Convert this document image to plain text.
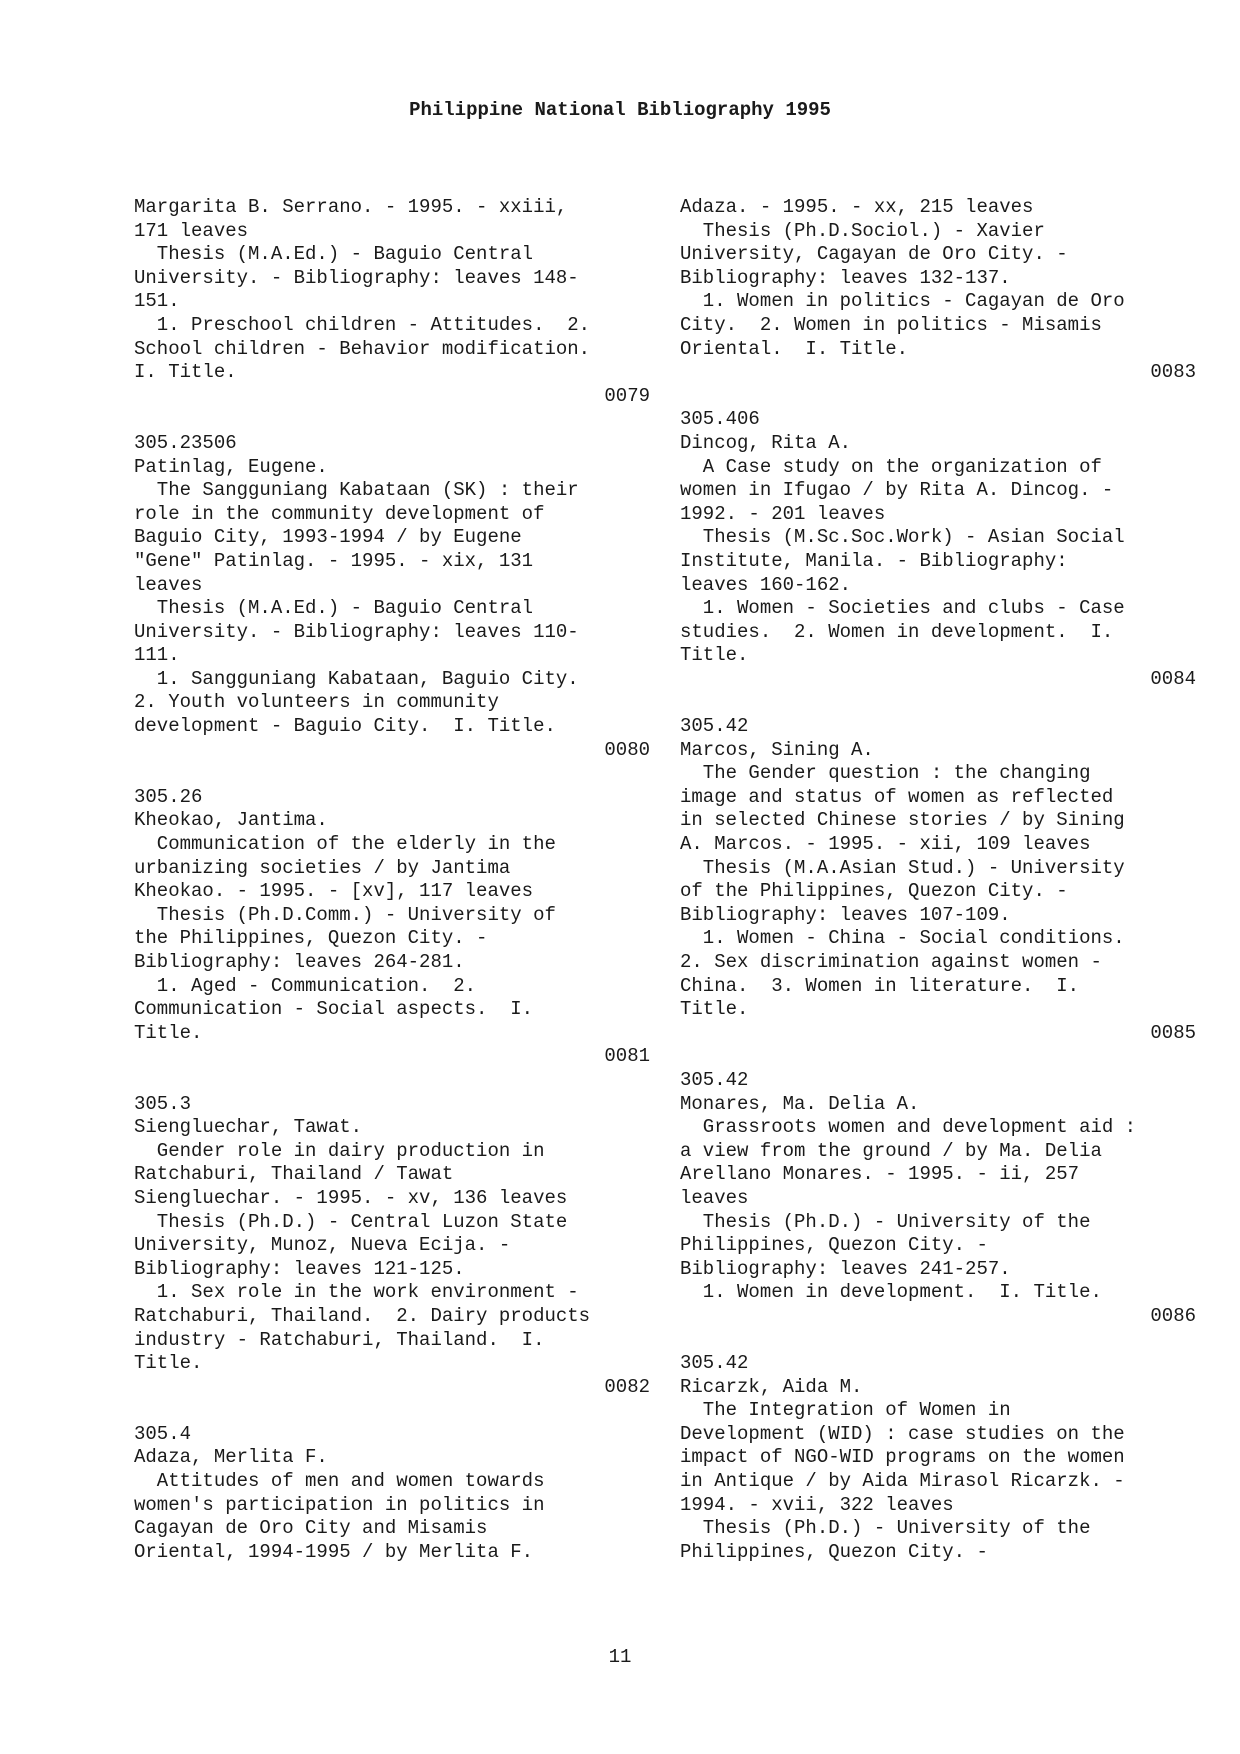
Philippine National Bibliography 1995
Margarita B. Serrano. - 1995. - xxiii,
171 leaves
Thesis (M.A.Ed.) - Baguio Central
University. - Bibliography: leaves 148-
151.
1. Preschool children - Attitudes.  2.
School children - Behavior modification.
I. Title.
0079
305.23506
Patinlag, Eugene.
The Sangguniang Kabataan (SK) : their
role in the community development of
Baguio City, 1993-1994 / by Eugene
"Gene" Patinlag. - 1995. - xix, 131
leaves
Thesis (M.A.Ed.) - Baguio Central
University. - Bibliography: leaves 110-
111.
1. Sangguniang Kabataan, Baguio City.
2. Youth volunteers in community
development - Baguio City.  I. Title.
0080
305.26
Kheokao, Jantima.
Communication of the elderly in the
urbanizing societies / by Jantima
Kheokao. - 1995. - [xv], 117 leaves
Thesis (Ph.D.Comm.) - University of
the Philippines, Quezon City. -
Bibliography: leaves 264-281.
1. Aged - Communication.  2.
Communication - Social aspects.  I.
Title.
0081
305.3
Siengluechar, Tawat.
Gender role in dairy production in
Ratchaburi, Thailand / Tawat
Siengluechar. - 1995. - xv, 136 leaves
Thesis (Ph.D.) - Central Luzon State
University, Munoz, Nueva Ecija. -
Bibliography: leaves 121-125.
1. Sex role in the work environment -
Ratchaburi, Thailand.  2. Dairy products
industry - Ratchaburi, Thailand.  I.
Title.
0082
305.4
Adaza, Merlita F.
Attitudes of men and women towards
women's participation in politics in
Cagayan de Oro City and Misamis
Oriental, 1994-1995 / by Merlita F.
Adaza. - 1995. - xx, 215 leaves
Thesis (Ph.D.Sociol.) - Xavier
University, Cagayan de Oro City. -
Bibliography: leaves 132-137.
1. Women in politics - Cagayan de Oro
City.  2. Women in politics - Misamis
Oriental.  I. Title.
0083
305.406
Dincog, Rita A.
A Case study on the organization of
women in Ifugao / by Rita A. Dincog. -
1992. - 201 leaves
Thesis (M.Sc.Soc.Work) - Asian Social
Institute, Manila. - Bibliography:
leaves 160-162.
1. Women - Societies and clubs - Case
studies.  2. Women in development.  I.
Title.
0084
305.42
Marcos, Sining A.
The Gender question : the changing
image and status of women as reflected
in selected Chinese stories / by Sining
A. Marcos. - 1995. - xii, 109 leaves
Thesis (M.A.Asian Stud.) - University
of the Philippines, Quezon City. -
Bibliography: leaves 107-109.
1. Women - China - Social conditions.
2. Sex discrimination against women -
China.  3. Women in literature.  I.
Title.
0085
305.42
Monares, Ma. Delia A.
Grassroots women and development aid :
a view from the ground / by Ma. Delia
Arellano Monares. - 1995. - ii, 257
leaves
Thesis (Ph.D.) - University of the
Philippines, Quezon City. -
Bibliography: leaves 241-257.
1. Women in development.  I. Title.
0086
305.42
Ricarzk, Aida M.
The Integration of Women in
Development (WID) : case studies on the
impact of NGO-WID programs on the women
in Antique / by Aida Mirasol Ricarzk. -
1994. - xvii, 322 leaves
Thesis (Ph.D.) - University of the
Philippines, Quezon City. -
11
